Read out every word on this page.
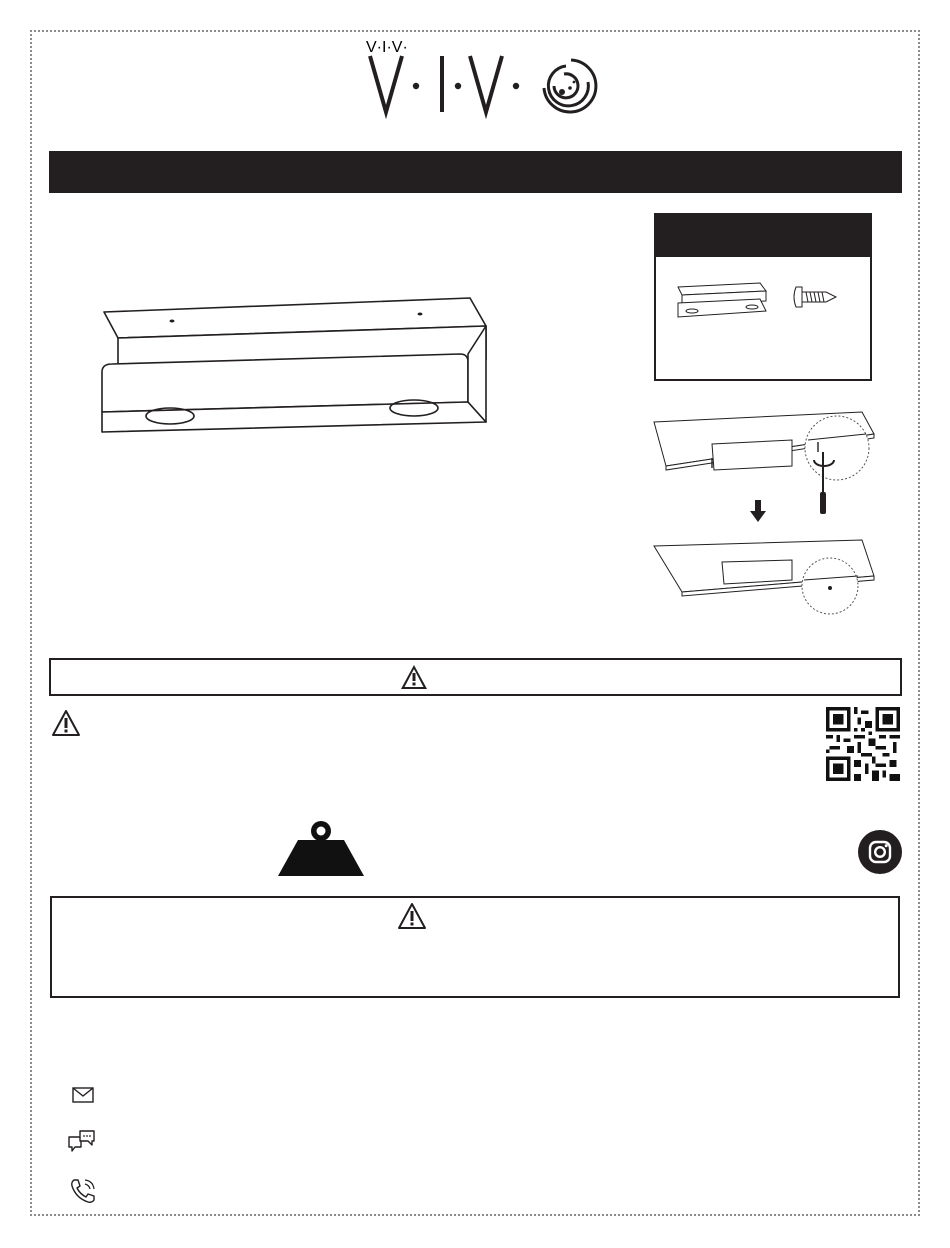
V·I·V·
